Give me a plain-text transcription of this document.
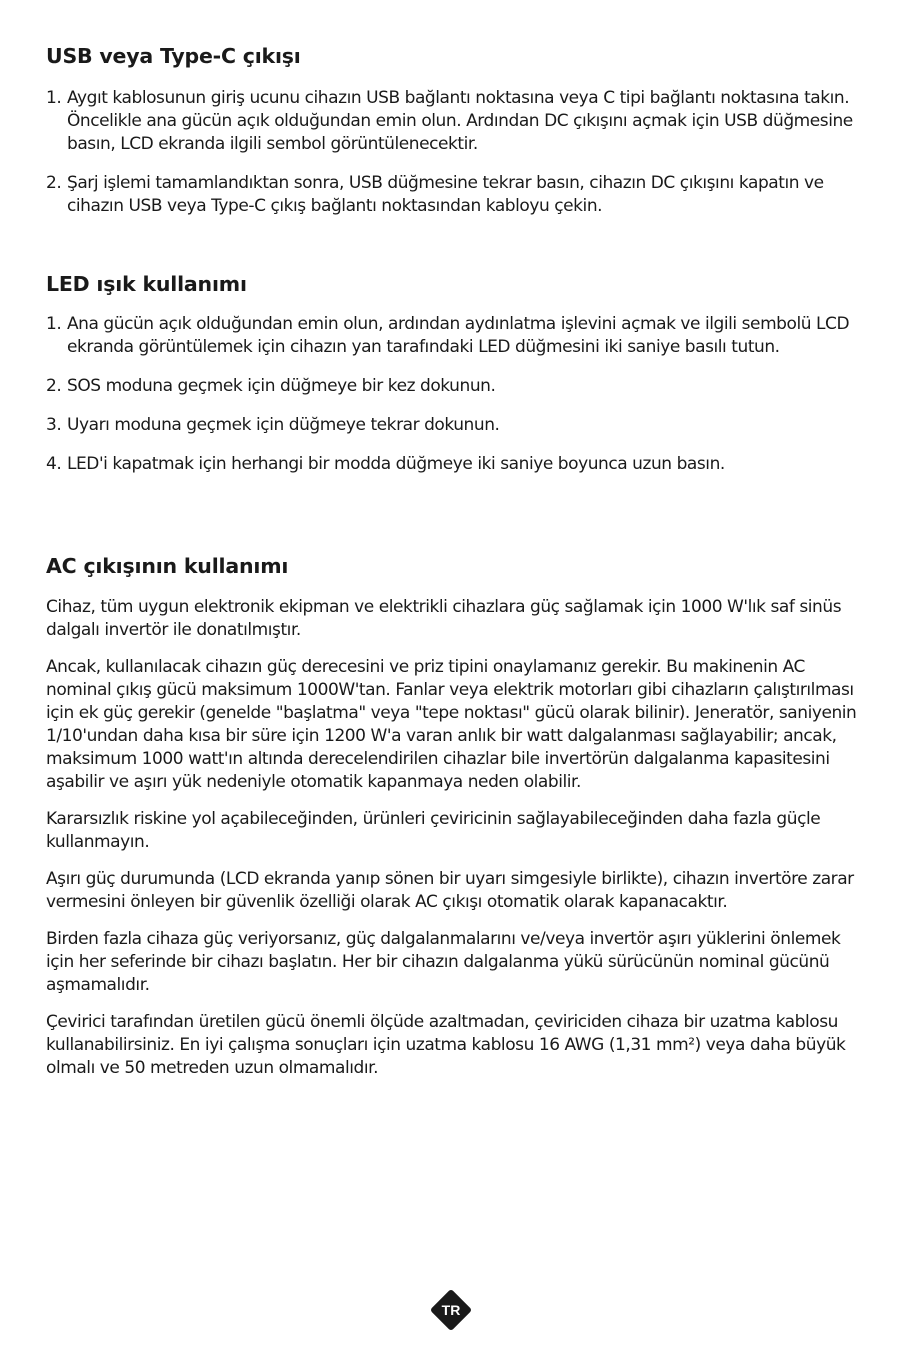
USB veya Type-C çıkışı
1. Aygıt kablosunun giriş ucunu cihazın USB bağlantı noktasına veya C tipi bağlantı noktasına takın. Öncelikle ana gücün açık olduğundan emin olun. Ardından DC çıkışını açmak için USB düğmesine basın, LCD ekranda ilgili sembol görüntülenecektir.
2. Şarj işlemi tamamlandıktan sonra, USB düğmesine tekrar basın, cihazın DC çıkışını kapatın ve cihazın USB veya Type-C çıkış bağlantı noktasından kabloyu çekin.
LED ışık kullanımı
1. Ana gücün açık olduğundan emin olun, ardından aydınlatma işlevini açmak ve ilgili sembolü LCD ekranda görüntülemek için cihazın yan tarafındaki LED düğmesini iki saniye basılı tutun.
2. SOS moduna geçmek için düğmeye bir kez dokunun.
3. Uyarı moduna geçmek için düğmeye tekrar dokunun.
4. LED'i kapatmak için herhangi bir modda düğmeye iki saniye boyunca uzun basın.
AC çıkışının kullanımı

Cihaz, tüm uygun elektronik ekipman ve elektrikli cihazlara güç sağlamak için 1000 W'lık saf sinüs dalgalı invertör ile donatılmıştır.

Ancak, kullanılacak cihazın güç derecesini ve priz tipini onaylamanız gerekir. Bu makinenin AC nominal çıkış gücü maksimum 1000W'tan. Fanlar veya elektrik motorları gibi cihazların çalıştırılması için ek güç gerekir (genelde "başlatma" veya "tepe noktası" gücü olarak bilinir). Jeneratör, saniyenin 1/10'undan daha kısa bir süre için 1200 W'a varan anlık bir watt dalgalanması sağlayabilir; ancak, maksimum 1000 watt'ın altında derecelendirilen cihazlar bile invertörün dalgalanma kapasitesini aşabilir ve aşırı yük nedeniyle otomatik kapanmaya neden olabilir.

Kararsızlık riskine yol açabileceğinden, ürünleri çeviricinin sağlayabileceğinden daha fazla güçle kullanmayın.

Aşırı güç durumunda (LCD ekranda yanıp sönen bir uyarı simgesiyle birlikte), cihazın invertöre zarar vermesini önleyen bir güvenlik özelliği olarak AC çıkışı otomatik olarak kapanacaktır.

Birden fazla cihaza güç veriyorsanız, güç dalgalanmalarını ve/veya invertör aşırı yüklerini önlemek için her seferinde bir cihazı başlatın. Her bir cihazın dalgalanma yükü sürücünün nominal gücünü aşmamalıdır.

Çevirici tarafından üretilen gücü önemli ölçüde azaltmadan, çeviriciden cihaza bir uzatma kablosu kullanabilirsiniz. En iyi çalışma sonuçları için uzatma kablosu 16 AWG (1,31 mm²) veya daha büyük olmalı ve 50 metreden uzun olmamalıdır.

TR
